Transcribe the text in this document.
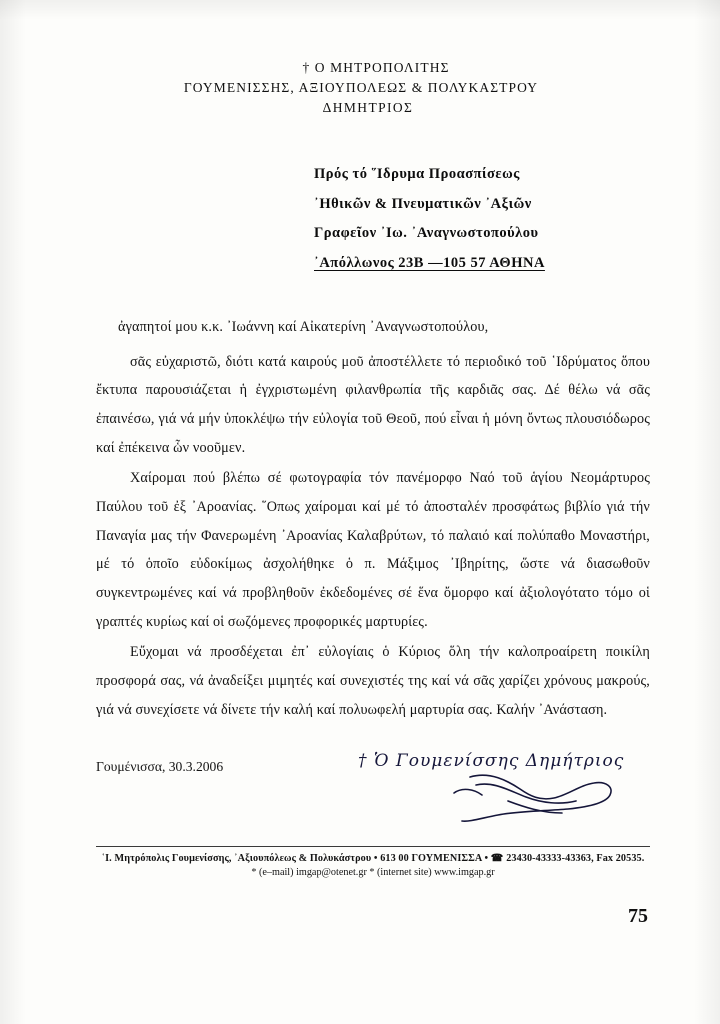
† Ο ΜΗΤΡΟΠΟΛΙΤΗΣ
ΓΟΥΜΕΝΙΣΣΗΣ, ΑΞΙΟΥΠΟΛΕΩΣ & ΠΟΛΥΚΑΣΤΡΟΥ
ΔΗΜΗΤΡΙΟΣ
Πρός τό ῞Ιδρυμα Προασπίσεως
᾿Ηθικῶν & Πνευματικῶν ᾿Αξιῶν
Γραφεῖον ᾿Ιω. ᾿Αναγνωστοπούλου
᾿Απόλλωνος 23Β —105 57 ΑΘΗΝΑ

ἀγαπητοί μου κ.κ. ᾿Ιωάννη καί Αἰκατερίνη ᾿Αναγνωστοπούλου,

σᾶς εὐχαριστῶ, διότι κατά καιρούς μοῦ ἀποστέλλετε τό περιοδικό τοῦ ῾Ιδρύματος ὅπου ἔκτυπα παρουσιάζεται ἡ ἐγχριστωμένη φιλανθρωπία τῆς καρδιᾶς σας. Δέ θέλω νά σᾶς ἐπαινέσω, γιά νά μήν ὑποκλέψω τήν εὐλογία τοῦ Θεοῦ, πού εἶναι ἡ μόνη ὄντως πλουσιόδωρος καί ἐπέκεινα ὧν νοοῦμεν.

Χαίρομαι πού βλέπω σέ φωτογραφία τόν πανέμορφο Ναό τοῦ ἁγίου Νεομάρτυρος Παύλου τοῦ ἐξ ᾿Αροανίας. ῞Οπως χαίρομαι καί μέ τό ἀποσταλέν προσφάτως βιβλίο γιά τήν Παναγία μας τήν Φανερωμένη ᾿Αροανίας Καλαβρύτων, τό παλαιό καί πολύπαθο Μοναστήρι, μέ τό ὁποῖο εὐδοκίμως ἀσχολήθηκε ὁ π. Μάξιμος ᾿Ιβηρίτης, ὥστε νά διασωθοῦν συγκεντρωμένες καί νά προβληθοῦν ἐκδεδομένες σέ ἕνα ὄμορφο καί ἀξιολογότατο τόμο οἱ γραπτές κυρίως καί οἱ σωζόμενες προφορικές μαρτυρίες.

Εὔχομαι νά προσδέχεται ἐπ᾿ εὐλογίαις ὁ Κύριος ὅλη τήν καλοπροαίρετη ποικίλη προσφορά σας, νά ἀναδείξει μιμητές καί συνεχιστές της καί νά σᾶς χαρίζει χρόνους μακρούς, γιά νά συνεχίσετε νά δίνετε τήν καλή καί πολυωφελή μαρτυρία σας. Καλήν ᾿Ανάσταση.

Γουμένισσα, 30.3.2006	† Ὁ Γουμενίσσης Δημήτριος
῾Ι. Μητρόπολις Γουμενίσσης, ᾿Αξιουπόλεως & Πολυκάστρου • 613 00 ΓΟΥΜΕΝΙΣΣΑ • ☎ 23430-43333-43363, Fax 20535.
* (e–mail) imgap@otenet.gr * (internet site) www.imgap.gr
75
